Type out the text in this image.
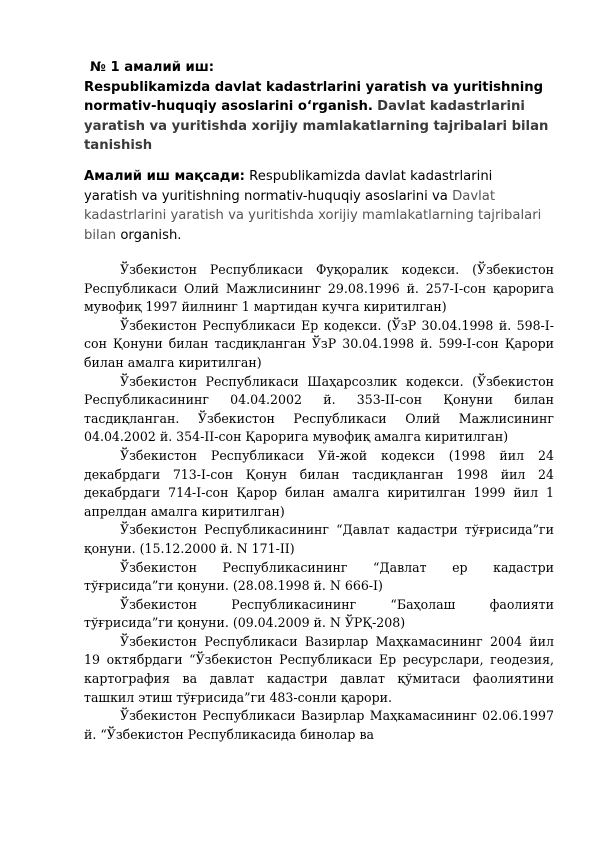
№ 1 амалий иш:
Respublikamizda davlat kadastrlarini yaratish va yuritishning normativ-huquqiy asoslarini o‘rganish. Davlat kadastrlarini yaratish va yuritishda xorijiy mamlakatlarning tajribalari bilan tanishish
Амалий иш мақсади: Respublikamizda davlat kadastrlarini yaratish va yuritishning normativ-huquqiy asoslarini va Davlat kadastrlarini yaratish va yuritishda xorijiy mamlakatlarning tajribalari bilan organish.

Ўзбекистон Республикаси Фуқоралик кодекси. (Ўзбекистон Республикаси Олий Мажлисининг 29.08.1996 й. 257-I-сон қарорига мувофиқ 1997 йилнинг 1 мартидан кучга киритилган)

Ўзбекистон Республикаси Ер кодекси. (ЎзР 30.04.1998 й. 598-I-сон Қонуни билан тасдиқланган ЎзР 30.04.1998 й. 599-I-сон Қарори билан амалга киритилган)

Ўзбекистон Республикаси Шаҳарсозлик кодекси. (Ўзбекистон Республикасининг 04.04.2002 й. 353-II-сон Қонуни билан тасдиқланган. Ўзбекистон Республикаси Олий Мажлисининг 04.04.2002 й. 354-II-сон Қарорига мувофиқ амалга киритилган)

Ўзбекистон Республикаси Уй-жой кодекси (1998 йил 24 декабрдаги 713-I-сон Қонун билан тасдиқланган 1998 йил 24 декабрдаги 714-I-сон Қарор билан амалга киритилган 1999 йил 1 апрелдан амалга киритилган)

Ўзбекистон Республикасининг “Давлат кадастри тўғрисида”ги қонуни. (15.12.2000 й. N 171-II)

Ўзбекистон Республикасининг “Давлат ер кадастри тўғрисида”ги қонуни. (28.08.1998 й. N 666-I)

Ўзбекистон Республикасининг “Баҳолаш фаолияти тўғрисида”ги қонуни. (09.04.2009 й. N ЎРҚ-208)

Ўзбекистон Республикаси Вазирлар Маҳкамасининг 2004 йил 19 октябрдаги “Ўзбекистон Республикаси Ер ресурслари, геодезия, картография ва давлат кадастри давлат қўмитаси фаолиятини ташкил этиш тўғрисида”ги 483-сонли қарори.

Ўзбекистон Республикаси Вазирлар Маҳкамасининг 02.06.1997 й. “Ўзбекистон Республикасида бинолар ва
